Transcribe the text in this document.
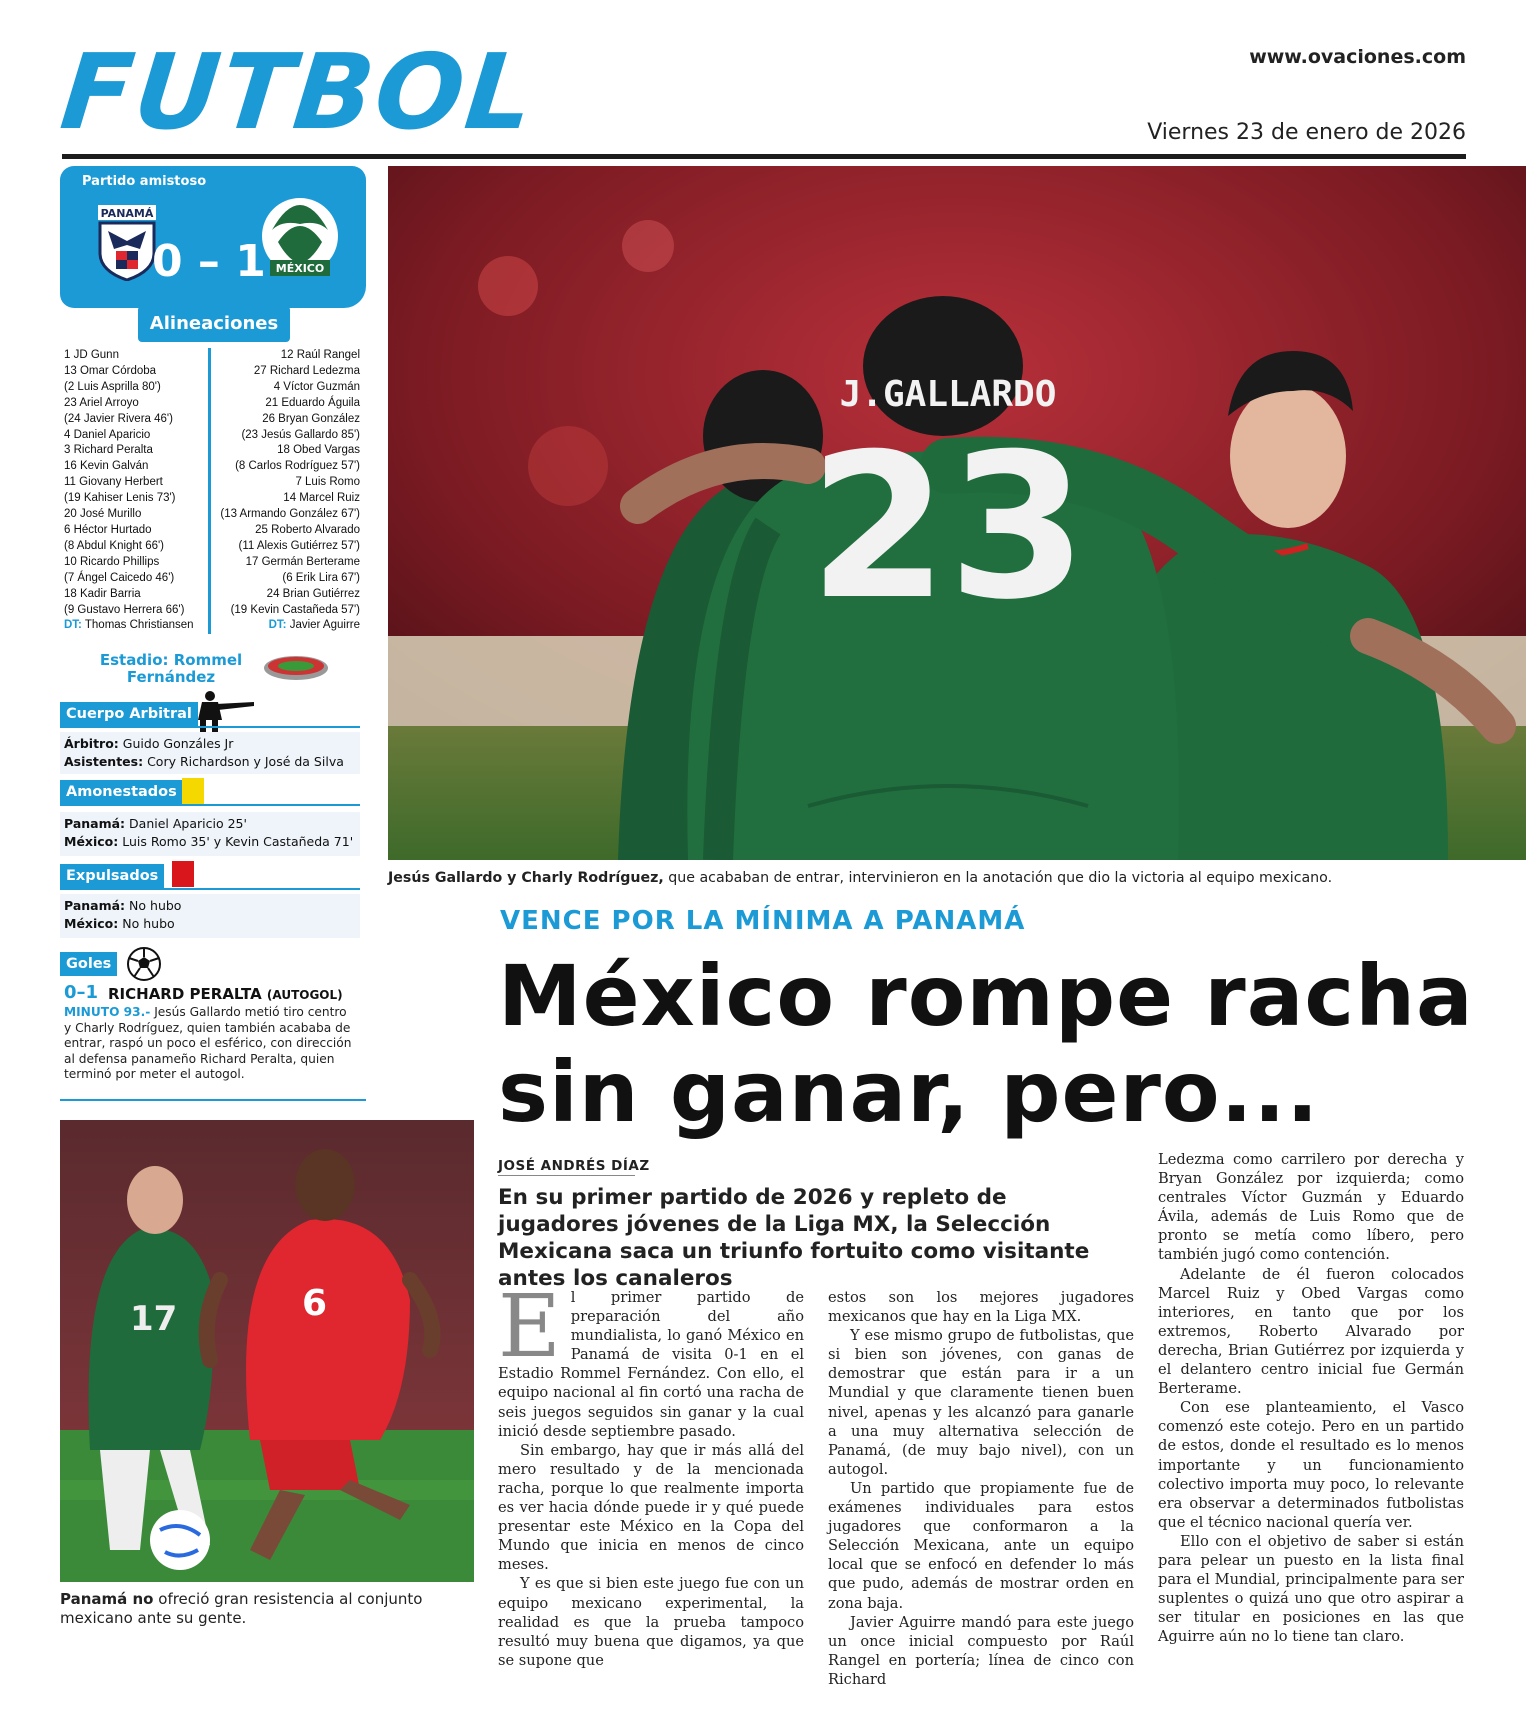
FUTBOL	www.ovaciones.com
Viernes 23 de enero de 2026
Partido amistoso
PANAMÁ
0 – 1 MÉXICO
Alineaciones
1 JD Gunn
13 Omar Córdoba
(2 Luis Asprilla 80')
23 Ariel Arroyo
(24 Javier Rivera 46')
4 Daniel Aparicio
3 Richard Peralta
16 Kevin Galván
11 Giovany Herbert
(19 Kahiser Lenis 73')
20 José Murillo
6 Héctor Hurtado
(8 Abdul Knight 66')
10 Ricardo Phillips
(7 Ángel Caicedo 46')
18 Kadir Barria
(9 Gustavo Herrera 66')
DT: Thomas Christiansen
12 Raúl Rangel
27 Richard Ledezma
4 Víctor Guzmán
21 Eduardo Águila
26 Bryan González
(23 Jesús Gallardo 85')
18 Obed Vargas
(8 Carlos Rodríguez 57')
7 Luis Romo
14 Marcel Ruiz
(13 Armando González 67')
25 Roberto Alvarado
(11 Alexis Gutiérrez 57')
17 Germán Berterame
(6 Erik Lira 67')
24 Brian Gutiérrez
(19 Kevin Castañeda 57')
DT: Javier Aguirre
Estadio: Rommel
Fernández
Cuerpo Arbitral
Árbitro: Guido Gonzáles Jr
Asistentes: Cory Richardson y José da Silva
Amonestados
Panamá: Daniel Aparicio 25'
México: Luis Romo 35' y Kevin Castañeda 71'
Expulsados
Panamá: No hubo
México: No hubo
Goles
0–1 RICHARD PERALTA (AUTOGOL)
MINUTO 93.- Jesús Gallardo metió tiro centro y Charly Rodríguez, quien también acababa de entrar, raspó un poco el esférico, con dirección al defensa panameño Richard Peralta, quien terminó por meter el autogol.
J.GALLARDO
23
Jesús Gallardo y Charly Rodríguez, que acababan de entrar, intervinieron en la anotación que dio la victoria al equipo mexicano.
17	6
Panamá no ofreció gran resistencia al conjunto mexicano ante su gente.
VENCE POR LA MÍNIMA A PANAMÁ
México rompe racha sin ganar, pero...
JOSÉ ANDRÉS DÍAZ
En su primer partido de 2026 y repleto de jugadores jóvenes de la Liga MX, la Selección Mexicana saca un triunfo fortuito como visitante antes los canaleros
E l primer partido de preparación del año mundialista, lo ganó México en Panamá de visita 0-1 en el Estadio Rommel Fernández. Con ello, el equipo nacional al fin cortó una racha de seis juegos seguidos sin ganar y la cual inició desde septiembre pasado.

Sin embargo, hay que ir más allá del mero resultado y de la mencionada racha, porque lo que realmente importa es ver hacia dónde puede ir y qué puede presentar este México en la Copa del Mundo que inicia en menos de cinco meses.

Y es que si bien este juego fue con un equipo mexicano experimental, la realidad es que la prueba tampoco resultó muy buena que digamos, ya que se supone que

estos son los mejores jugadores mexicanos que hay en la Liga MX.

Y ese mismo grupo de futbolistas, que si bien son jóvenes, con ganas de demostrar que están para ir a un Mundial y que claramente tienen buen nivel, apenas y les alcanzó para ganarle a una muy alternativa selección de Panamá, (de muy bajo nivel), con un autogol.

Un partido que propiamente fue de exámenes individuales para estos jugadores que conformaron a la Selección Mexicana, ante un equipo local que se enfocó en defender lo más que pudo, además de mostrar orden en zona baja.

Javier Aguirre mandó para este juego un once inicial compuesto por Raúl Rangel en portería; línea de cinco con Richard

Ledezma como carrilero por derecha y Bryan González por izquierda; como centrales Víctor Guzmán y Eduardo Ávila, además de Luis Romo que de pronto se metía como líbero, pero también jugó como contención.

Adelante de él fueron colocados Marcel Ruiz y Obed Vargas como interiores, en tanto que por los extremos, Roberto Alvarado por derecha, Brian Gutiérrez por izquierda y el delantero centro inicial fue Germán Berterame.

Con ese planteamiento, el Vasco comenzó este cotejo. Pero en un partido de estos, donde el resultado es lo menos importante y un funcionamiento colectivo importa muy poco, lo relevante era observar a determinados futbolistas que el técnico nacional quería ver.

Ello con el objetivo de saber si están para pelear un puesto en la lista final para el Mundial, principalmente para ser suplentes o quizá uno que otro aspirar a ser titular en posiciones en las que Aguirre aún no lo tiene tan claro.
